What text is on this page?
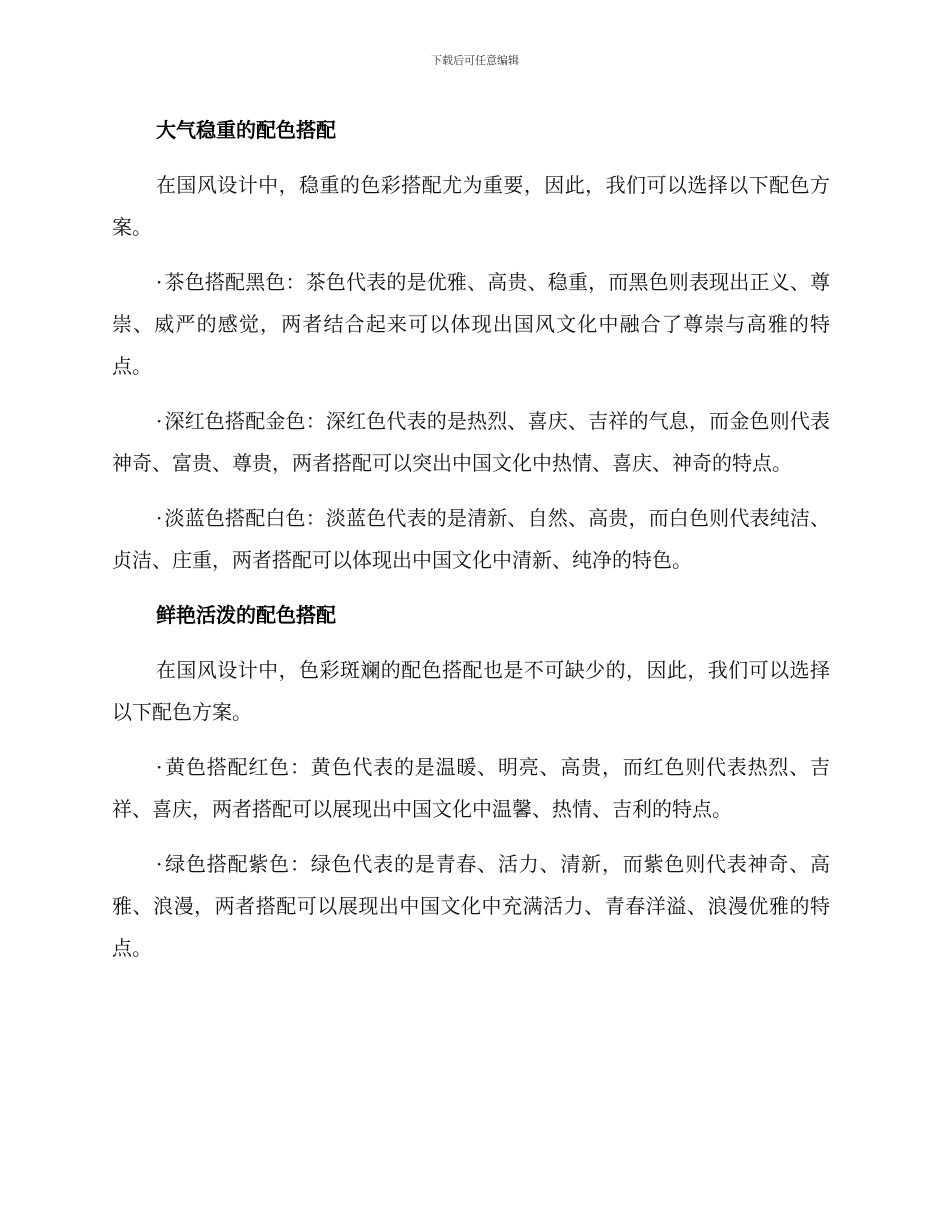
下载后可任意编辑
大气稳重的配色搭配

在国风设计中，稳重的色彩搭配尤为重要，因此，我们可以选择以下配色方案。

· 茶色搭配黑色：茶色代表的是优雅、高贵、稳重，而黑色则表现出正义、尊崇、威严的感觉，两者结合起来可以体现出国风文化中融合了尊崇与高雅的特点。

· 深红色搭配金色：深红色代表的是热烈、喜庆、吉祥的气息，而金色则代表神奇、富贵、尊贵，两者搭配可以突出中国文化中热情、喜庆、神奇的特点。

· 淡蓝色搭配白色：淡蓝色代表的是清新、自然、高贵，而白色则代表纯洁、贞洁、庄重，两者搭配可以体现出中国文化中清新、纯净的特色。

鲜艳活泼的配色搭配

在国风设计中，色彩斑斓的配色搭配也是不可缺少的，因此，我们可以选择以下配色方案。

· 黄色搭配红色：黄色代表的是温暖、明亮、高贵，而红色则代表热烈、吉祥、喜庆，两者搭配可以展现出中国文化中温馨、热情、吉利的特点。

· 绿色搭配紫色：绿色代表的是青春、活力、清新，而紫色则代表神奇、高雅、浪漫，两者搭配可以展现出中国文化中充满活力、青春洋溢、浪漫优雅的特点。
